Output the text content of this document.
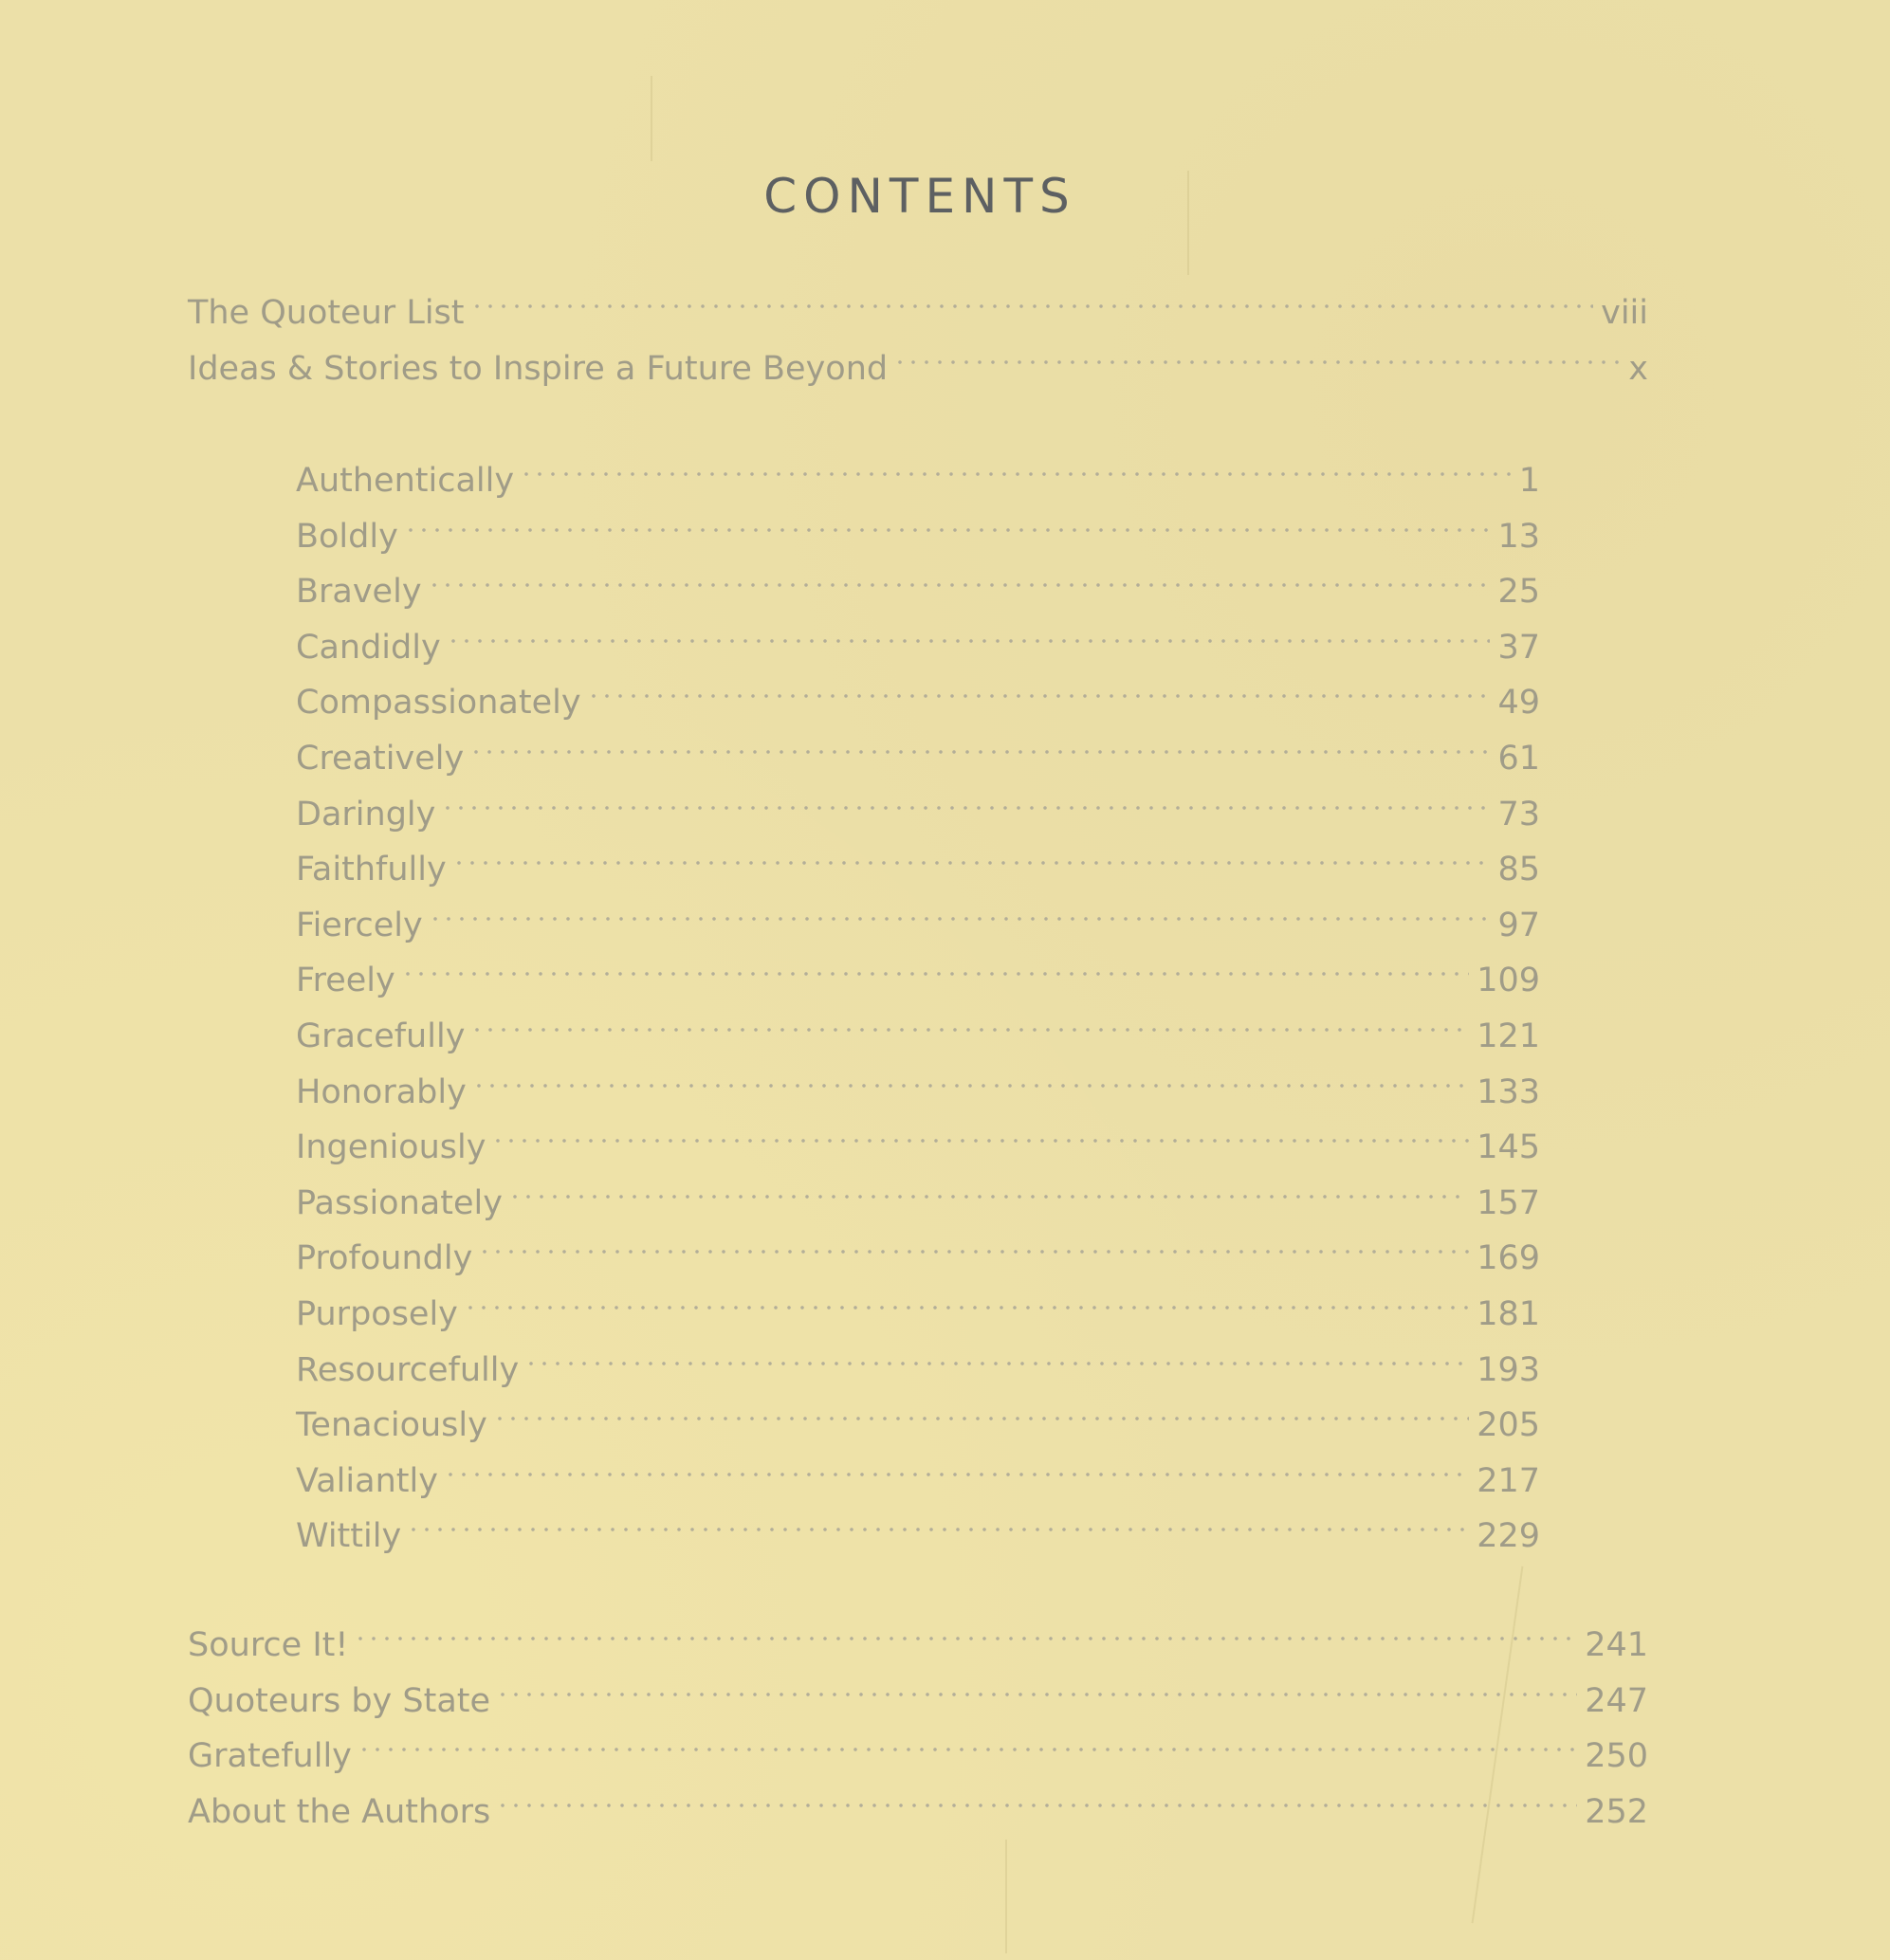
CONTENTS
The Quoteur List	viii
Ideas & Stories to Inspire a Future Beyond	x
Authentically	1
Boldly	13
Bravely	25
Candidly	37
Compassionately	49
Creatively	61
Daringly	73
Faithfully	85
Fiercely	97
Freely	109
Gracefully	121
Honorably	133
Ingeniously	145
Passionately	157
Profoundly	169
Purposely	181
Resourcefully	193
Tenaciously	205
Valiantly	217
Wittily	229
Source It!	241
Quoteurs by State	247
Gratefully	250
About the Authors	252
